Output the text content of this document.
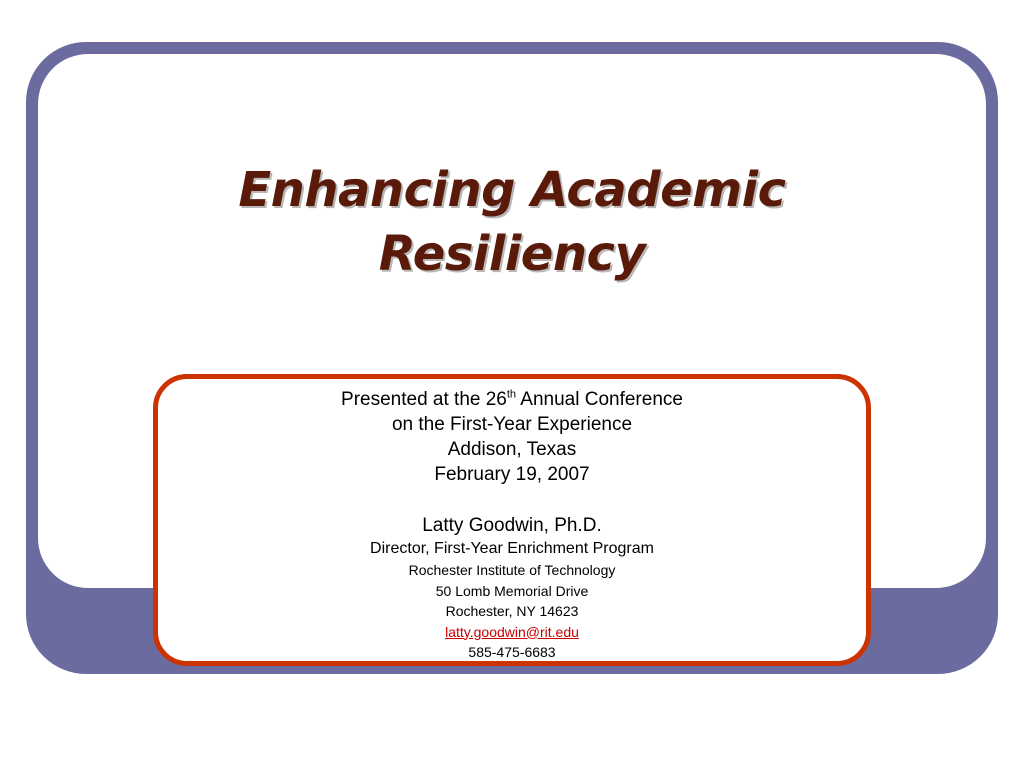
Enhancing Academic
Resiliency
Presented at the 26th Annual Conference
on the First-Year Experience
Addison, Texas
February 19, 2007
Latty Goodwin, Ph.D.
Director, First-Year Enrichment Program
Rochester Institute of Technology
50 Lomb Memorial Drive
Rochester, NY 14623
latty.goodwin@rit.edu
585-475-6683
